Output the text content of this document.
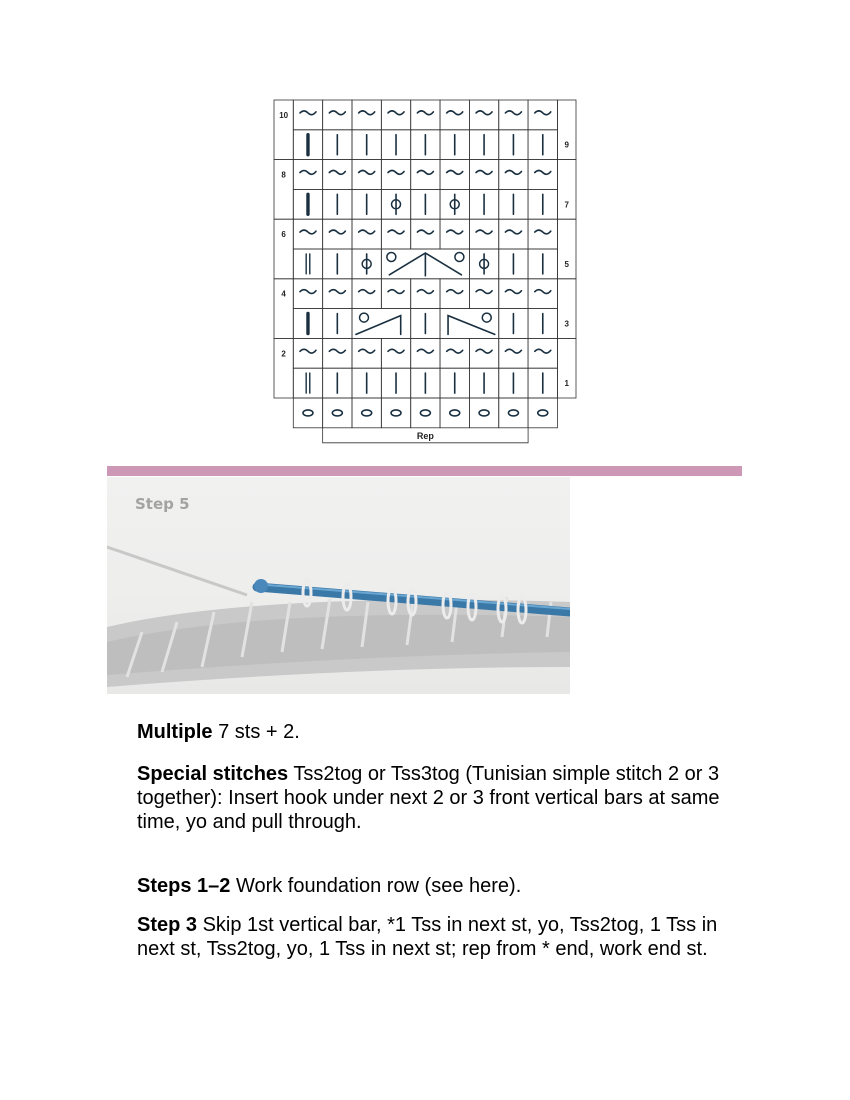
10
8
6
4
2
9
7
5
3
1
Rep
Step 5
Multiple 7 sts + 2.
Special stitches Tss2tog or Tss3tog (Tunisian simple stitch 2 or 3 together): Insert hook under next 2 or 3 front vertical bars at same time, yo and pull through.
Steps 1–2 Work foundation row (see here).
Step 3 Skip 1st vertical bar, *1 Tss in next st, yo, Tss2tog, 1 Tss in next st, Tss2tog, yo, 1 Tss in next st; rep from * end, work end st.
